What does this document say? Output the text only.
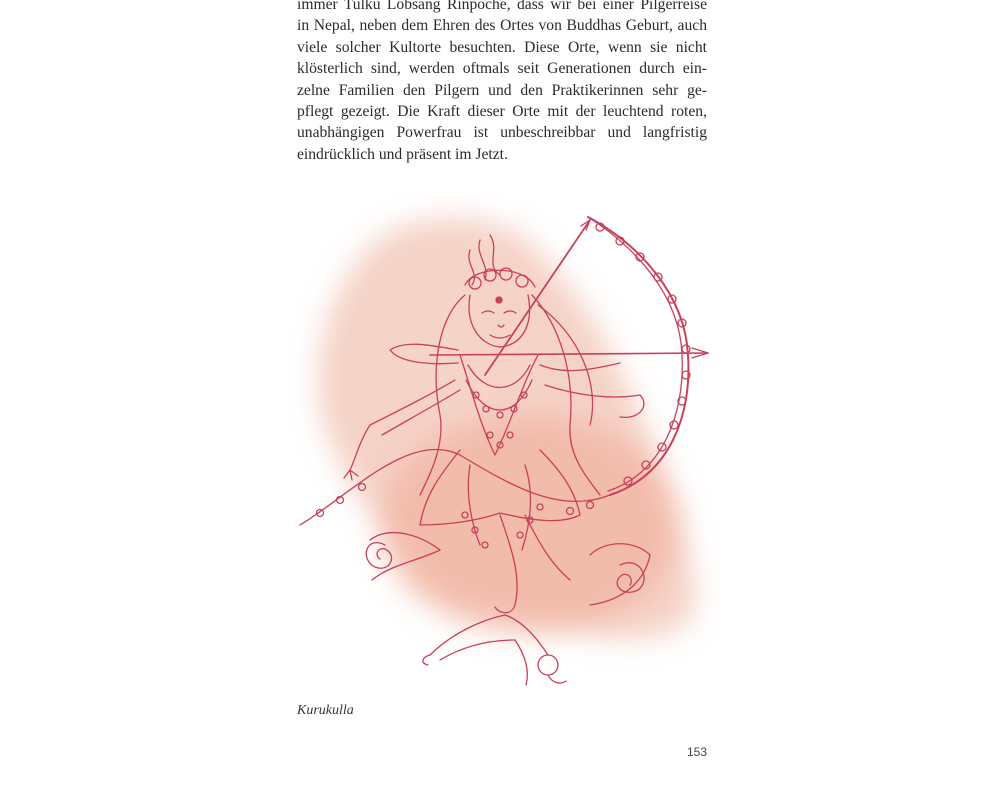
immer Tulku Lobsang Rinpoche, dass wir bei einer Pilgerreise
in Nepal, neben dem Ehren des Ortes von Buddhas Geburt, auch
viele solcher Kultorte besuchten. Diese Orte, wenn sie nicht
klösterlich sind, werden oftmals seit Generationen durch ein-
zelne Familien den Pilgern und den Praktikerinnen sehr ge-
pflegt gezeigt. Die Kraft dieser Orte mit der leuchtend roten,
unabhängigen Powerfrau ist unbeschreibbar und langfristig
eindrücklich und präsent im Jetzt.

Kurukulla
153
